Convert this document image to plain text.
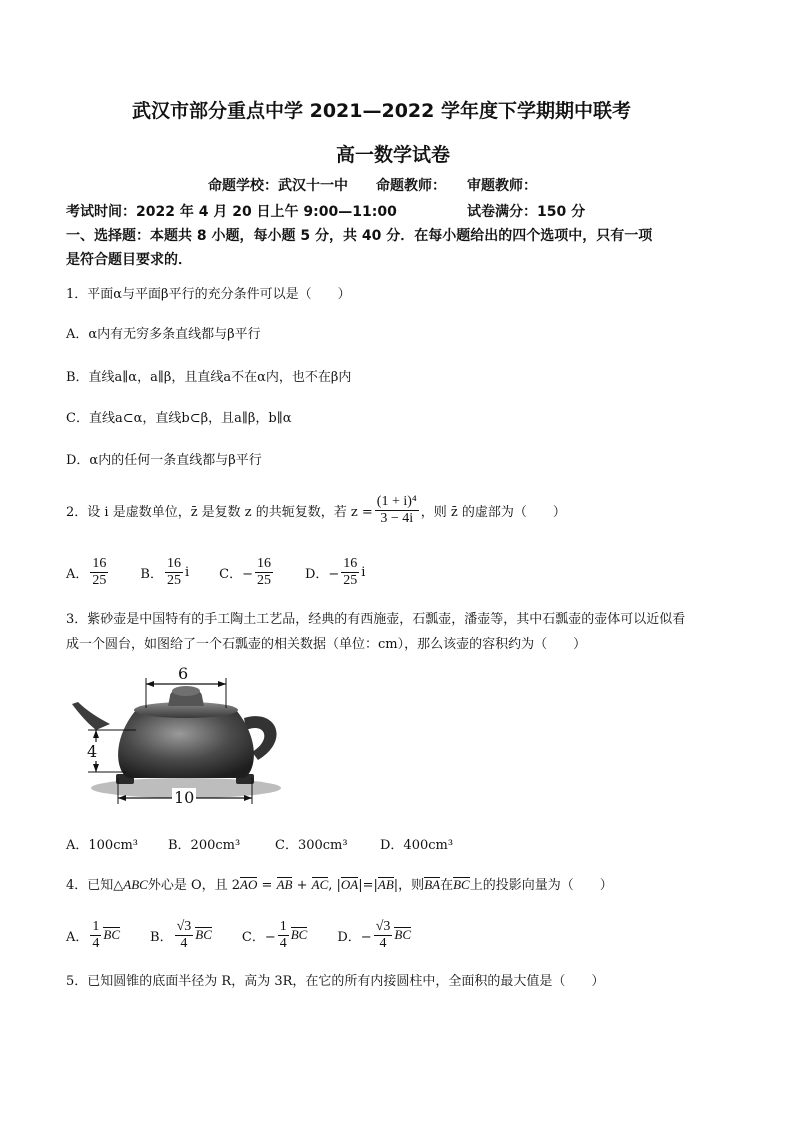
武汉市部分重点中学 2021—2022 学年度下学期期中联考
高一数学试卷
命题学校：武汉十一中　　命题教师：　　审题教师：
考试时间：2022 年 4 月 20 日上午 9:00—11:00	试卷满分：150 分
一、选择题：本题共 8 小题，每小题 5 分，共 40 分．在每小题给出的四个选项中，只有一项
是符合题目要求的．
1．平面α与平面β平行的充分条件可以是（　　）
A．α内有无穷多条直线都与β平行
B．直线a∥α，a∥β，且直线a不在α内，也不在β内
C．直线a⊂α，直线b⊂β，且a∥β，b∥α
D．α内的任何一条直线都与β平行
2．设 i 是虚数单位，z̄ 是复数 z 的共轭复数，若 $z = \frac{\text{(1 + i)⁴}}{3 - 4i}$ ，则 z̄ 的虚部为（　　）
A． $\frac{16}{25}$ B． $\frac{16}{25}$ i C．− $\frac{16}{25}$ D．− $\frac{16}{25}$ i
3．紫砂壶是中国特有的手工陶土工艺品，经典的有西施壶，石瓢壶，潘壶等，其中石瓢壶的壶体可以近似看
成一个圆台，如图给了一个石瓢壶的相关数据（单位：cm），那么该壶的容积约为（　　）
6
4
10
A．100cm³ B．200cm³	C．300cm³ D．400cm³
4．已知△ABC外心是 O，且 2AO = AB + AC, |OA|=|AB|，则BA在BC上的投影向量为（　　）
A． $\frac{1}{4}$ BC B． $\frac{√3}{4}$ BC C．− $\frac{1}{4}$ BC D．− $\frac{√3}{4}$ BC
5．已知圆锥的底面半径为 R，高为 3R，在它的所有内接圆柱中，全面积的最大值是（　　）
